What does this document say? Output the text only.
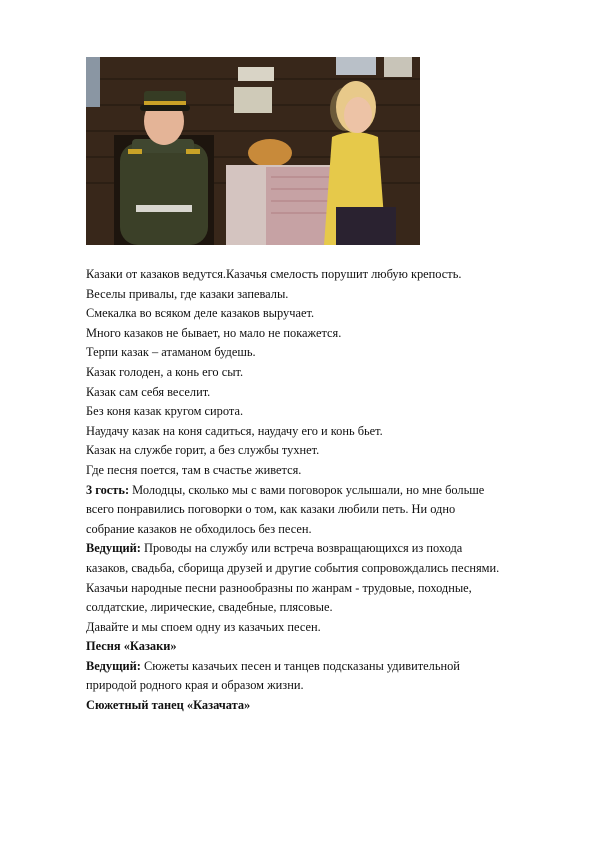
Казаки от казаков ведутся.Казачья смелость порушит любую крепость.
Веселы привалы, где казаки запевалы.
Смекалка во всяком деле казаков выручает.
Много казаков не бывает, но мало не покажется.
Терпи казак – атаманом будешь.
Казак голоден, а конь его сыт.
Казак сам себя веселит.
Без коня казак кругом сирота.
Наудачу казак на коня садиться, наудачу его и конь бьет.
Казак на службе горит, а без службы тухнет.
Где песня поется, там в счастье живется.
3 гость: Молодцы, сколько мы с вами поговорок услышали, но мне больше
всего понравились поговорки о том, как казаки любили петь. Ни одно
собрание казаков не обходилось без песен.
Ведущий: Проводы на службу или встреча возвращающихся из похода
казаков, свадьба, сборища друзей и другие события сопровождались песнями.
Казачьи народные песни разнообразны по жанрам - трудовые, походные,
солдатские, лирические, свадебные, плясовые.
Давайте и мы споем одну из казачьих песен.
Песня «Казаки»
Ведущий: Сюжеты казачьих песен и танцев подсказаны удивительной
природой родного края и образом жизни.
Сюжетный танец «Казачата»
